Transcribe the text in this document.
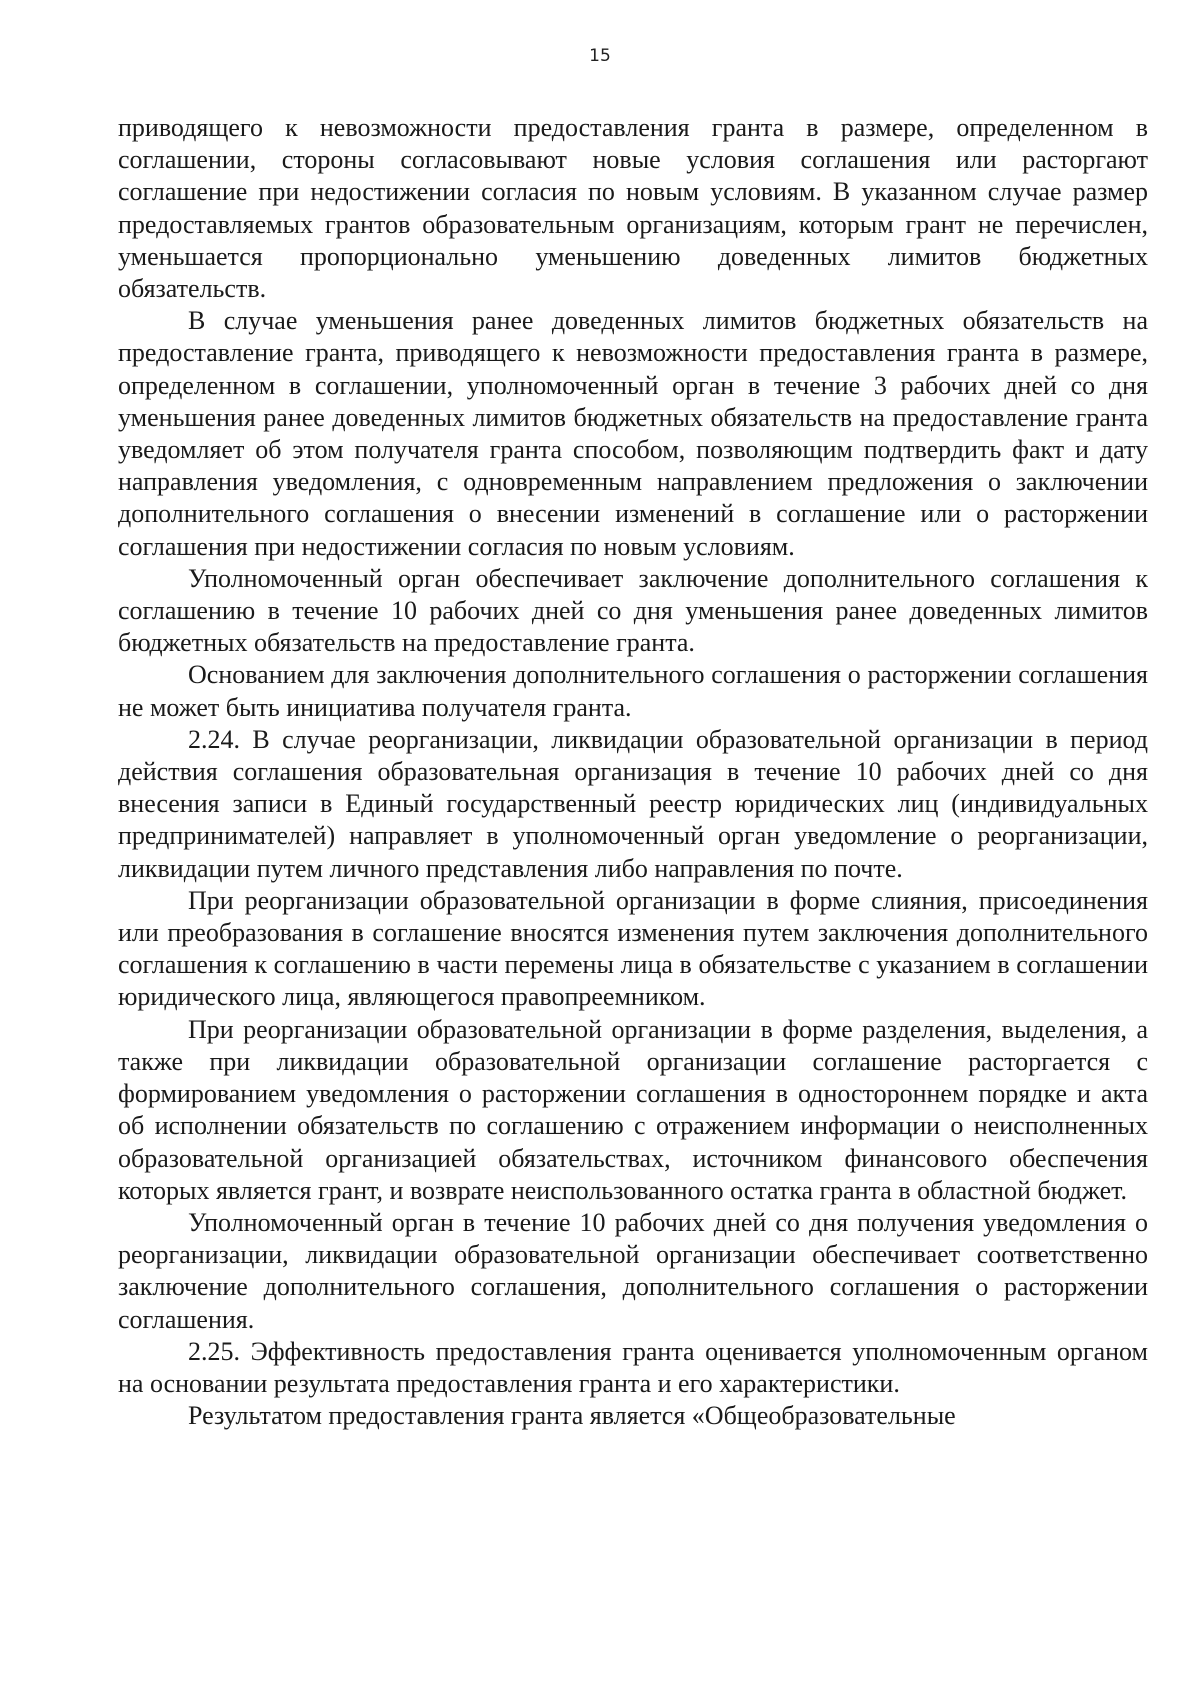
15

приводящего к невозможности предоставления гранта в размере, определенном в соглашении, стороны согласовывают новые условия соглашения или расторгают соглашение при недостижении согласия по новым условиям. В указанном случае размер предоставляемых грантов образовательным организациям, которым грант не перечислен, уменьшается пропорционально уменьшению доведенных лимитов бюджетных обязательств.

В случае уменьшения ранее доведенных лимитов бюджетных обязательств на предоставление гранта, приводящего к невозможности предоставления гранта в размере, определенном в соглашении, уполномоченный орган в течение 3 рабочих дней со дня уменьшения ранее доведенных лимитов бюджетных обязательств на предоставление гранта уведомляет об этом получателя гранта способом, позволяющим подтвердить факт и дату направления уведомления, с одновременным направлением предложения о заключении дополнительного соглашения о внесении изменений в соглашение или о расторжении соглашения при недостижении согласия по новым условиям.

Уполномоченный орган обеспечивает заключение дополнительного соглашения к соглашению в течение 10 рабочих дней со дня уменьшения ранее доведенных лимитов бюджетных обязательств на предоставление гранта.

Основанием для заключения дополнительного соглашения о расторжении соглашения не может быть инициатива получателя гранта.

2.24. В случае реорганизации, ликвидации образовательной организации в период действия соглашения образовательная организация в течение 10 рабочих дней со дня внесения записи в Единый государственный реестр юридических лиц (индивидуальных предпринимателей) направляет в уполномоченный орган уведомление о реорганизации, ликвидации путем личного представления либо направления по почте.

При реорганизации образовательной организации в форме слияния, присоединения или преобразования в соглашение вносятся изменения путем заключения дополнительного соглашения к соглашению в части перемены лица в обязательстве с указанием в соглашении юридического лица, являющегося правопреемником.

При реорганизации образовательной организации в форме разделения, выделения, а также при ликвидации образовательной организации соглашение расторгается с формированием уведомления о расторжении соглашения в одностороннем порядке и акта об исполнении обязательств по соглашению с отражением информации о неисполненных образовательной организацией обязательствах, источником финансового обеспечения которых является грант, и возврате неиспользованного остатка гранта в областной бюджет.

Уполномоченный орган в течение 10 рабочих дней со дня получения уведомления о реорганизации, ликвидации образовательной организации обеспечивает соответственно заключение дополнительного соглашения, дополнительного соглашения о расторжении соглашения.

2.25. Эффективность предоставления гранта оценивается уполномоченным органом на основании результата предоставления гранта и его характеристики.

Результатом предоставления гранта является «Общеобразовательные
